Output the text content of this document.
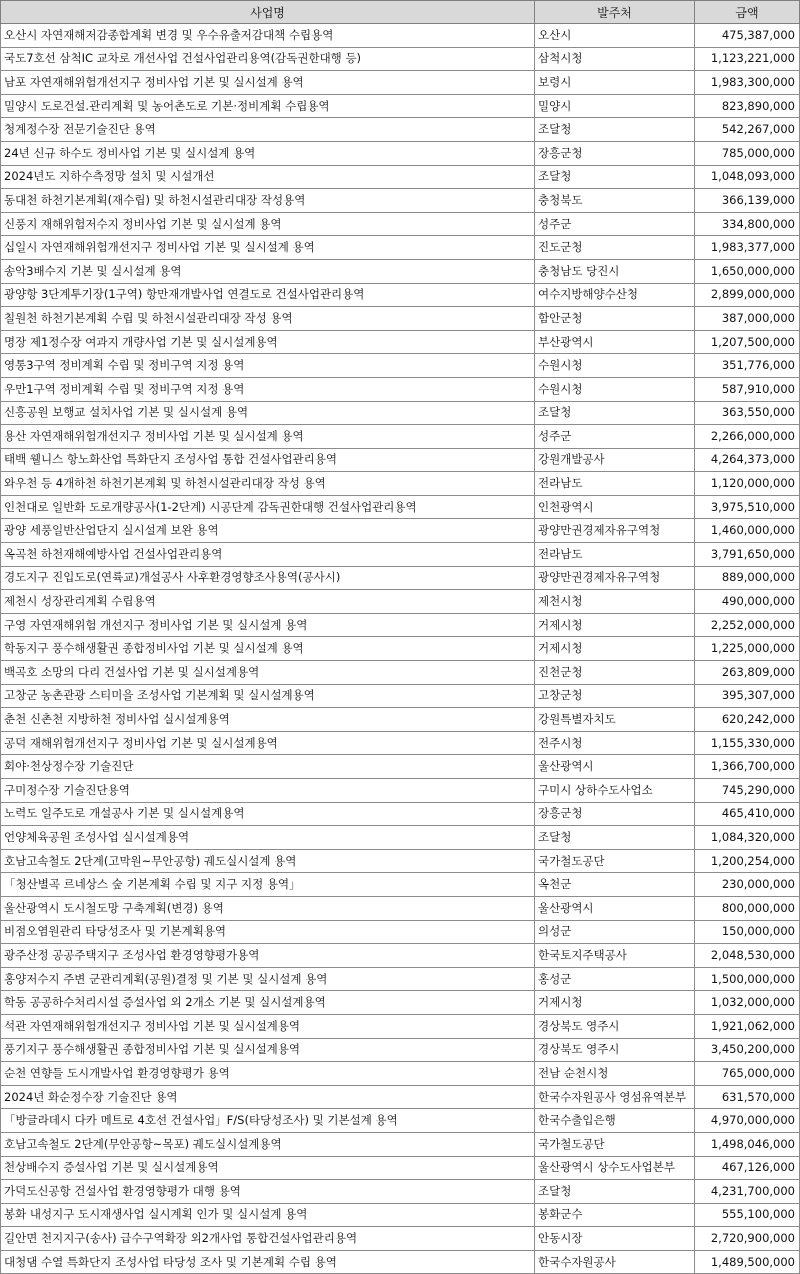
사업명	발주처	금액
오산시 자연재해저감종합계획 변경 및 우수유출저감대책 수립용역	오산시	475,387,000
국도7호선 삼척IC 교차로 개선사업 건설사업관리용역(감독권한대행 등)	삼척시청	1,123,221,000
남포 자연재해위험개선지구 정비사업 기본 및 실시설계 용역	보령시	1,983,300,000
밀양시 도로건설.관리계획 및 농어촌도로 기본·정비계획 수립용역	밀양시	823,890,000
청계정수장 전문기술진단 용역	조달청	542,267,000
24년 신규 하수도 정비사업 기본 및 실시설계 용역	장흥군청	785,000,000
2024년도 지하수측정망 설치 및 시설개선	조달청	1,048,093,000
동대천 하천기본계획(재수립) 및 하천시설관리대장 작성용역	충청북도	366,139,000
신풍지 재해위험저수지 정비사업 기본 및 실시설계 용역	성주군	334,800,000
십일시 자연재해위험개선지구 정비사업 기본 및 실시설계 용역	진도군청	1,983,377,000
송악3배수지 기본 및 실시설계 용역	충청남도 당진시	1,650,000,000
광양항 3단계투기장(1구역) 항만재개발사업 연결도로 건설사업관리용역	여수지방해양수산청	2,899,000,000
칠원천 하천기본계획 수립 및 하천시설관리대장 작성 용역	함안군청	387,000,000
명장 제1정수장 여과지 개량사업 기본 및 실시설계용역	부산광역시	1,207,500,000
영통3구역 정비계획 수립 및 정비구역 지정 용역	수원시청	351,776,000
우만1구역 정비계획 수립 및 정비구역 지정 용역	수원시청	587,910,000
신흥공원 보행교 설치사업 기본 및 실시설계 용역	조달청	363,550,000
용산 자연재해위험개선지구 정비사업 기본 및 실시설계 용역	성주군	2,266,000,000
태백 웰니스 항노화산업 특화단지 조성사업 통합 건설사업관리용역	강원개발공사	4,264,373,000
와우천 등 4개하천 하천기본계획 및 하천시설관리대장 작성 용역	전라남도	1,120,000,000
인천대로 일반화 도로개량공사(1-2단계) 시공단계 감독권한대행 건설사업관리용역	인천광역시	3,975,510,000
광양 세풍일반산업단지 실시설계 보완 용역	광양만권경제자유구역청	1,460,000,000
옥곡천 하천재해예방사업 건설사업관리용역	전라남도	3,791,650,000
경도지구 진입도로(연륙교)개설공사 사후환경영향조사용역(공사시)	광양만권경제자유구역청	889,000,000
제천시 성장관리계획 수립용역	제천시청	490,000,000
구영 자연재해위험 개선지구 정비사업 기본 및 실시설계 용역	거제시청	2,252,000,000
학동지구 풍수해생활권 종합정비사업 기본 및 실시설계 용역	거제시청	1,225,000,000
백곡호 소망의 다리 건설사업 기본 및 실시설계용역	진천군청	263,809,000
고창군 농촌관광 스티미을 조성사업 기본계획 및 실시설계용역	고창군청	395,307,000
춘천 신촌천 지방하천 정비사업 실시설계용역	강원특별자치도	620,242,000
공덕 재해위험개선지구 정비사업 기본 및 실시설계용역	전주시청	1,155,330,000
회야·천상정수장 기술진단	울산광역시	1,366,700,000
구미정수장 기술진단용역	구미시 상하수도사업소	745,290,000
노력도 일주도로 개설공사 기본 및 실시설계용역	장흥군청	465,410,000
언양체육공원 조성사업 실시설계용역	조달청	1,084,320,000
호남고속철도 2단계(고막원~무안공항) 궤도실시설계 용역	국가철도공단	1,200,254,000
「청산별곡 르네상스 숲 기본계획 수립 및 지구 지정 용역」	옥천군	230,000,000
울산광역시 도시철도망 구축계획(변경) 용역	울산광역시	800,000,000
비점오염원관리 타당성조사 및 기본계획용역	의성군	150,000,000
광주산정 공공주택지구 조성사업 환경영향평가용역	한국토지주택공사	2,048,530,000
홍양저수지 주변 군관리계획(공원)결정 및 기본 및 실시설계 용역	홍성군	1,500,000,000
학동 공공하수처리시설 증설사업 외 2개소 기본 및 실시설계용역	거제시청	1,032,000,000
석관 자연재해위험개선지구 정비사업 기본 및 실시설계용역	경상북도 영주시	1,921,062,000
풍기지구 풍수해생활권 종합정비사업 기본 및 실시설계용역	경상북도 영주시	3,450,200,000
순천 연향들 도시개발사업 환경영향평가 용역	전남 순천시청	765,000,000
2024년 화순정수장 기술진단 용역	한국수자원공사 영섬유역본부	631,570,000
「방글라데시 다카 메트로 4호선 건설사업」F/S(타당성조사) 및 기본설계 용역	한국수출입은행	4,970,000,000
호남고속철도 2단계(무안공항~목포) 궤도실시설계용역	국가철도공단	1,498,046,000
천상배수지 증설사업 기본 및 실시설계용역	울산광역시 상수도사업본부	467,126,000
가덕도신공항 건설사업 환경영향평가 대행 용역	조달청	4,231,700,000
봉화 내성지구 도시재생사업 실시계획 인가 및 실시설계 용역	봉화군수	555,100,000
길안면 천지지구(송사) 급수구역확장 외2개사업 통합건설사업관리용역	안동시장	2,720,900,000
대청댐 수열 특화단지 조성사업 타당성 조사 및 기본계획 수립 용역	한국수자원공사	1,489,500,000
